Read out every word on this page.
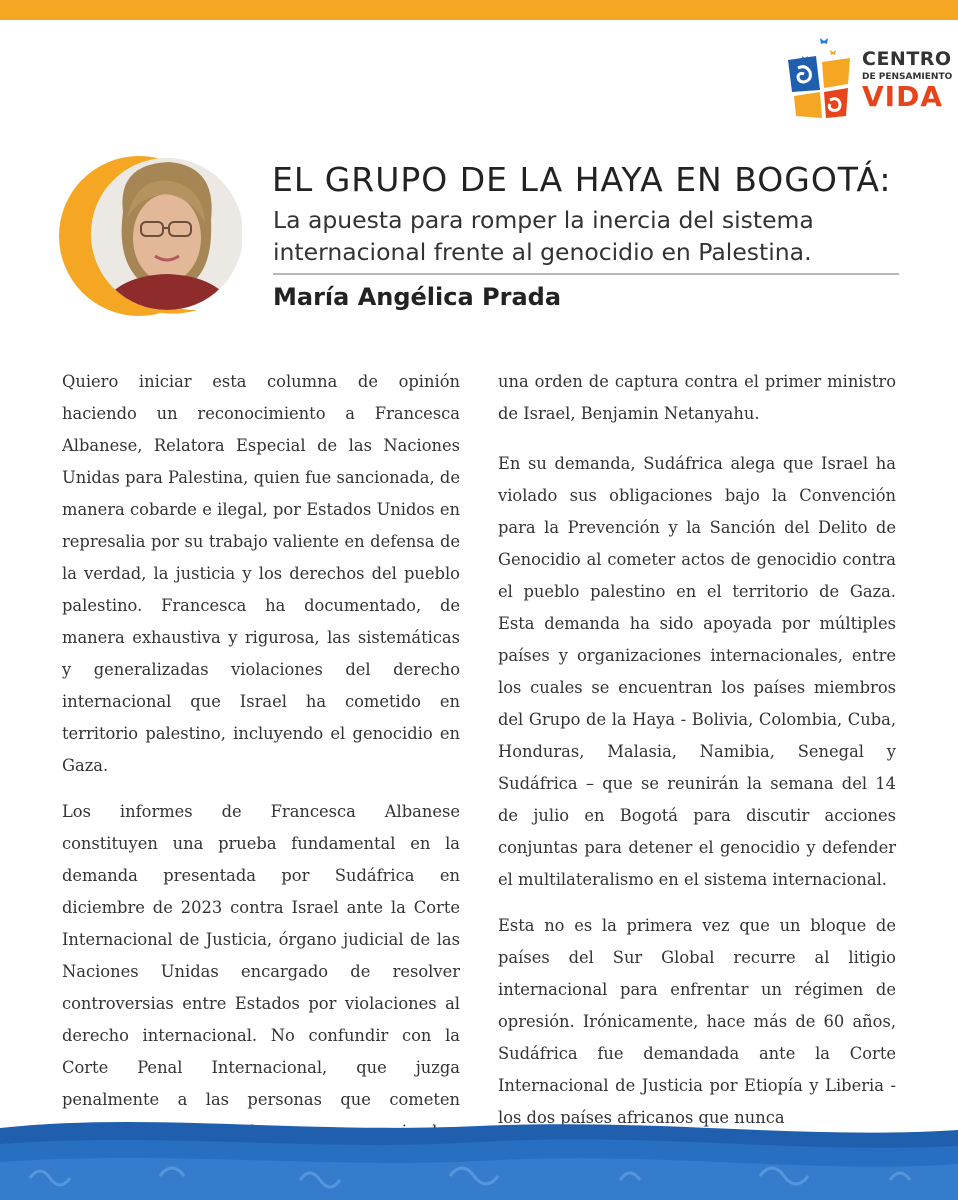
CENTRO
DE PENSAMIENTO
VIDA
EL GRUPO DE LA HAYA EN BOGOTÁ:

La apuesta para romper la inercia del sistema internacional frente al genocidio en Palestina.

María Angélica Prada

Quiero iniciar esta columna de opinión haciendo un reconocimiento a Francesca Albanese, Relatora Especial de las Naciones Unidas para Palestina, quien fue sancionada, de manera cobarde e ilegal, por Estados Unidos en represalia por su trabajo valiente en defensa de la verdad, la justicia y los derechos del pueblo palestino. Francesca ha documentado, de manera exhaustiva y rigurosa, las sistemáticas y generalizadas violaciones del derecho internacional que Israel ha cometido en territorio palestino, incluyendo el genocidio en Gaza.

Los informes de Francesca Albanese constituyen una prueba fundamental en la demanda presentada por Sudáfrica en diciembre de 2023 contra Israel ante la Corte Internacional de Justicia, órgano judicial de las Naciones Unidas encargado de resolver controversias entre Estados por violaciones al derecho internacional. No confundir con la Corte Penal Internacional, que juzga penalmente a las personas que cometen

una orden de captura contra el primer ministro de Israel, Benjamin Netanyahu.

En su demanda, Sudáfrica alega que Israel ha violado sus obligaciones bajo la Convención para la Prevención y la Sanción del Delito de Genocidio al cometer actos de genocidio contra el pueblo palestino en el territorio de Gaza. Esta demanda ha sido apoyada por múltiples países y organizaciones internacionales, entre los cuales se encuentran los países miembros del Grupo de la Haya - Bolivia, Colombia, Cuba, Honduras, Malasia, Namibia, Senegal y Sudáfrica – que se reunirán la semana del 14 de julio en Bogotá para discutir acciones conjuntas para detener el genocidio y defender el multilateralismo en el sistema internacional.

Esta no es la primera vez que un bloque de países del Sur Global recurre al litigio internacional para enfrentar un régimen de opresión. Irónicamente, hace más de 60 años, Sudáfrica fue demandada ante la Corte Internacional de Justicia por Etiopía y Liberia - los dos países africanos que nunca
